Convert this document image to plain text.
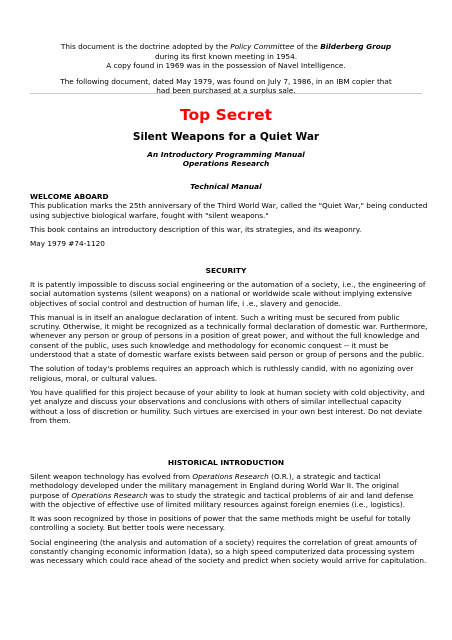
This document is the doctrine adopted by the Policy Committee of the Bilderberg Group
during its first known meeting in 1954.
A copy found in 1969 was in the possession of Navel Intelligence.

The following document, dated May 1979, was found on July 7, 1986, in an IBM copier that
had been purchased at a surplus sale.

Top Secret
Silent Weapons for a Quiet War
An Introductory Programming Manual
Operations Research
Technical Manual
WELCOME ABOARD

This publication marks the 25th anniversary of the Third World War, called the "Quiet War," being conducted using subjective biological warfare, fought with "silent weapons."

This book contains an introductory description of this war, its strategies, and its weaponry.

May 1979 #74-1120

SECURITY

It is patently impossible to discuss social engineering or the automation of a society, i.e., the engineering of social automation systems (silent weapons) on a national or worldwide scale without implying extensive objectives of social control and destruction of human life, i .e., slavery and genocide.

This manual is in itself an analogue declaration of intent. Such a writing must be secured from public scrutiny. Otherwise, it might be recognized as a technically formal declaration of domestic war. Furthermore, whenever any person or group of persons in a position of great power, and without the full knowledge and consent of the public, uses such knowledge and methodology for economic conquest -- it must be understood that a state of domestic warfare exists between said person or group of persons and the public.

The solution of today's problems requires an approach which is ruthlessly candid, with no agonizing over religious, moral, or cultural values.

You have qualified for this project because of your ability to look at human society with cold objectivity, and yet analyze and discuss your observations and conclusions with others of similar intellectual capacity without a loss of discretion or humility. Such virtues are exercised in your own best interest. Do not deviate from them.

HISTORICAL INTRODUCTION

Silent weapon technology has evolved from Operations Research (O.R.), a strategic and tactical methodology developed under the military management in England during World War II. The original purpose of Operations Research was to study the strategic and tactical problems of air and land defense with the objective of effective use of limited military resources against foreign enemies (i.e., logistics).

It was soon recognized by those in positions of power that the same methods might be useful for totally controlling a society. But better tools were necessary.

Social engineering (the analysis and automation of a society) requires the correlation of great amounts of constantly changing economic information (data), so a high speed computerized data processing system was necessary which could race ahead of the society and predict when society would arrive for capitulation.
